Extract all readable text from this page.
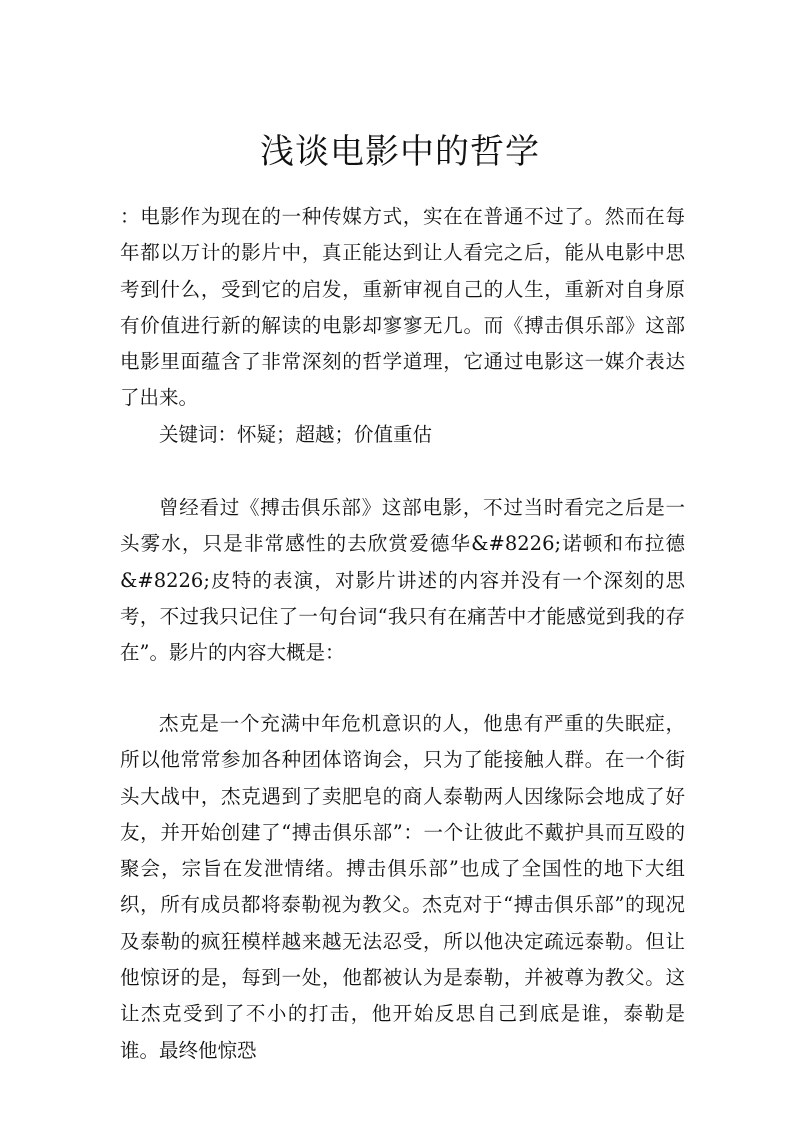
浅谈电影中的哲学

：电影作为现在的一种传媒方式，实在在普通不过了。然而在每年都以万计的影片中，真正能达到让人看完之后，能从电影中思考到什么，受到它的启发，重新审视自己的人生，重新对自身原有价值进行新的解读的电影却寥寥无几。而《搏击俱乐部》这部电影里面蕴含了非常深刻的哲学道理，它通过电影这一媒介表达了出来。

关键词：怀疑；超越；价值重估

曾经看过《搏击俱乐部》这部电影，不过当时看完之后是一头雾水，只是非常感性的去欣赏爱德华&#8226;诺顿和布拉德&#8226;皮特的表演，对影片讲述的内容并没有一个深刻的思考，不过我只记住了一句台词“我只有在痛苦中才能感觉到我的存在”。影片的内容大概是：

杰克是一个充满中年危机意识的人，他患有严重的失眠症，所以他常常参加各种团体谘询会，只为了能接触人群。在一个街头大战中，杰克遇到了卖肥皂的商人泰勒两人因缘际会地成了好友，并开始创建了“搏击俱乐部”：一个让彼此不戴护具而互殴的聚会，宗旨在发泄情绪。搏击俱乐部”也成了全国性的地下大组织，所有成员都将泰勒视为教父。杰克对于“搏击俱乐部”的现况及泰勒的疯狂模样越来越无法忍受，所以他决定疏远泰勒。但让他惊讶的是，每到一处，他都被认为是泰勒，并被尊为教父。这让杰克受到了不小的打击，他开始反思自己到底是谁，泰勒是谁。最终他惊恐
